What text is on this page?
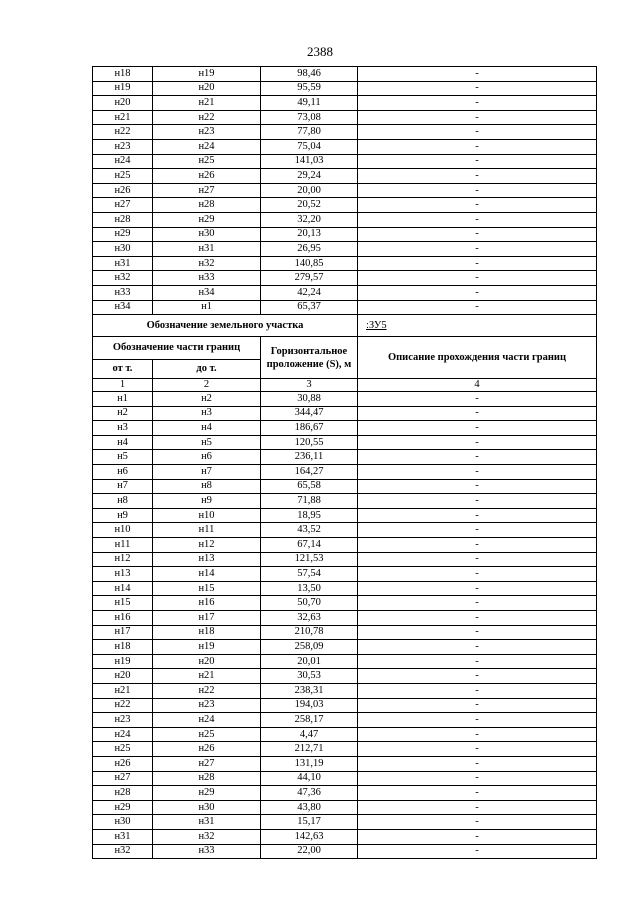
2388
н18	н19	98,46	-
н19	н20	95,59	-
н20	н21	49,11	-
н21	н22	73,08	-
н22	н23	77,80	-
н23	н24	75,04	-
н24	н25	141,03	-
н25	н26	29,24	-
н26	н27	20,00	-
н27	н28	20,52	-
н28	н29	32,20	-
н29	н30	20,13	-
н30	н31	26,95	-
н31	н32	140,85	-
н32	н33	279,57	-
н33	н34	42,24	-
н34	н1	65,37	-
Обозначение земельного участка			:ЗУ5
Обозначение части границ		Горизонтальное проложение (S), м	Описание прохождения части границ
от т.	до т.		
1	2	3	4
н1	н2	30,88	-
н2	н3	344,47	-
н3	н4	186,67	-
н4	н5	120,55	-
н5	н6	236,11	-
н6	н7	164,27	-
н7	н8	65,58	-
н8	н9	71,88	-
н9	н10	18,95	-
н10	н11	43,52	-
н11	н12	67,14	-
н12	н13	121,53	-
н13	н14	57,54	-
н14	н15	13,50	-
н15	н16	50,70	-
н16	н17	32,63	-
н17	н18	210,78	-
н18	н19	258,09	-
н19	н20	20,01	-
н20	н21	30,53	-
н21	н22	238,31	-
н22	н23	194,03	-
н23	н24	258,17	-
н24	н25	4,47	-
н25	н26	212,71	-
н26	н27	131,19	-
н27	н28	44,10	-
н28	н29	47,36	-
н29	н30	43,80	-
н30	н31	15,17	-
н31	н32	142,63	-
н32	н33	22,00	-
